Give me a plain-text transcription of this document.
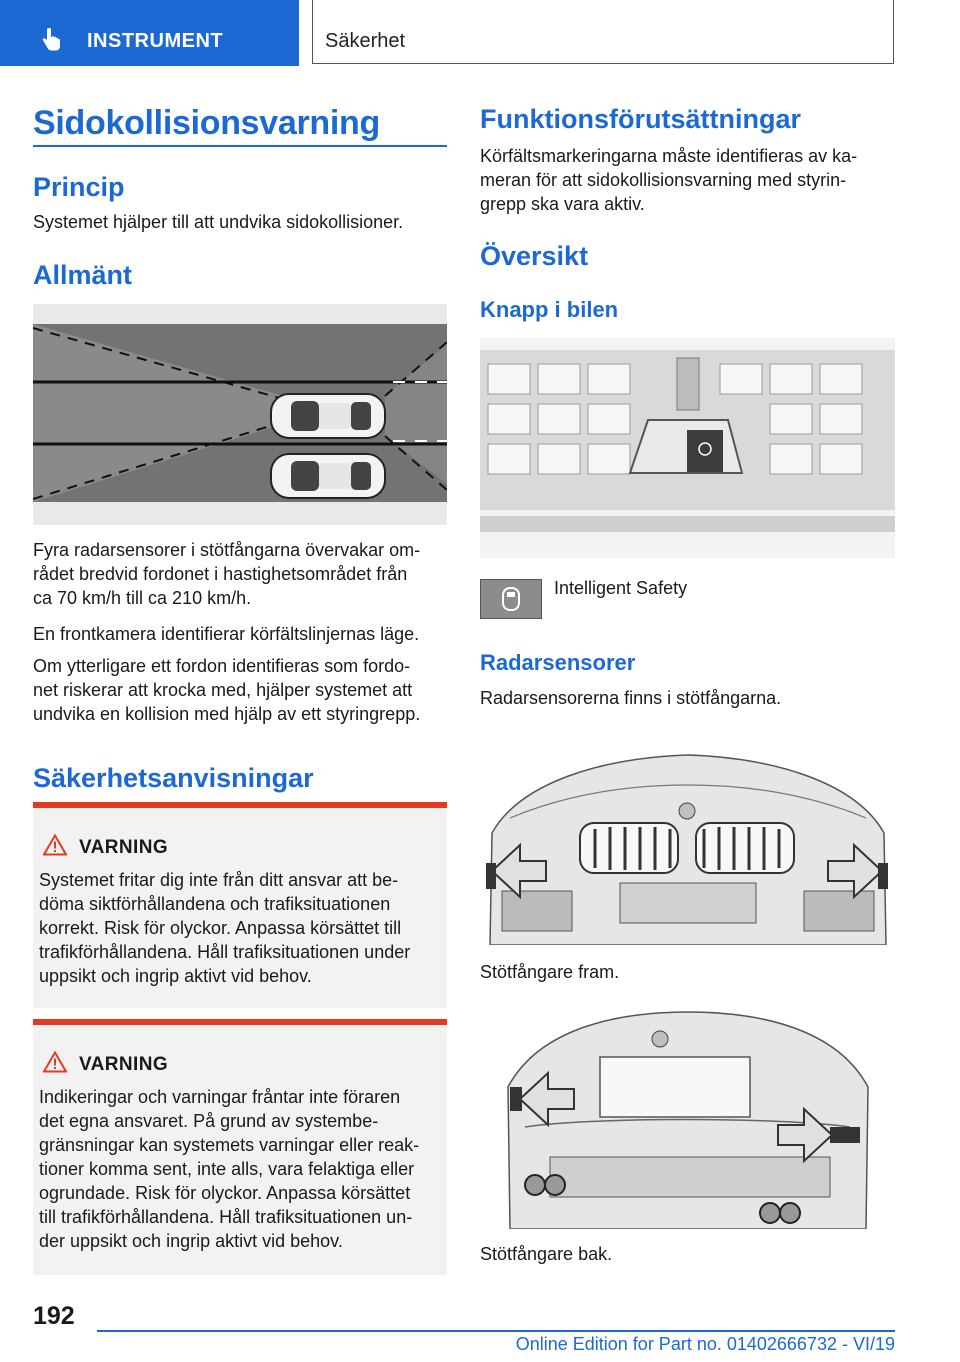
INSTRUMENT	Säkerhet
Sidokollisionsvarning
Princip
Systemet hjälper till att undvika sidokollisioner.
Allmänt
Fyra radarsensorer i stötfångarna övervakar om-
rådet bredvid fordonet i hastighetsområdet från
ca 70 km/h till ca 210 km/h.
En frontkamera identifierar körfältslinjernas läge.
Om ytterligare ett fordon identifieras som fordo-
net riskerar att krocka med, hjälper systemet att
undvika en kollision med hjälp av ett styringrepp.
Säkerhetsanvisningar
VARNING
Systemet fritar dig inte från ditt ansvar att be-
döma siktförhållandena och trafiksituationen
korrekt. Risk för olyckor. Anpassa körsättet till
trafikförhållandena. Håll trafiksituationen under
uppsikt och ingrip aktivt vid behov.
VARNING
Indikeringar och varningar fråntar inte föraren
det egna ansvaret. På grund av systembe-
gränsningar kan systemets varningar eller reak-
tioner komma sent, inte alls, vara felaktiga eller
ogrundade. Risk för olyckor. Anpassa körsättet
till trafikförhållandena. Håll trafiksituationen un-
der uppsikt och ingrip aktivt vid behov.
Funktionsförutsättningar
Körfältsmarkeringarna måste identifieras av ka-
meran för att sidokollisionsvarning med styrin-
grepp ska vara aktiv.
Översikt
Knapp i bilen
Intelligent Safety
Radarsensorer
Radarsensorerna finns i stötfångarna.
Stötfångare fram.
Stötfångare bak.
192
Online Edition for Part no. 01402666732 - VI/19
